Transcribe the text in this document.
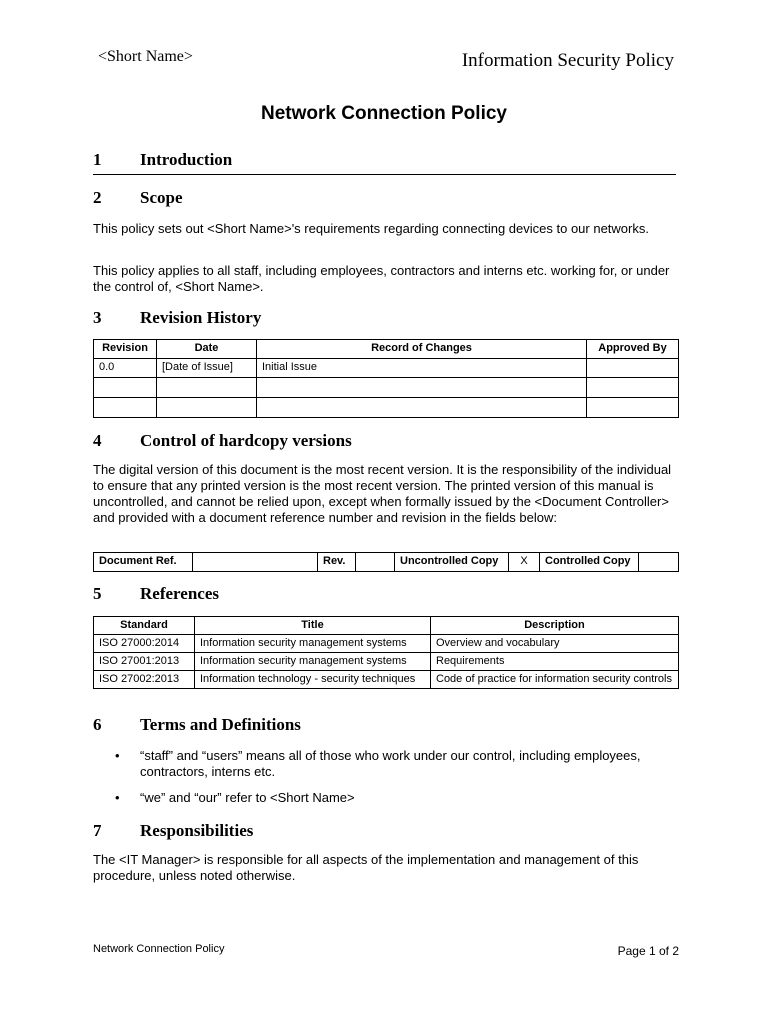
<Short Name>	Information Security Policy
Network Connection Policy
1 Introduction
2 Scope
This policy sets out <Short Name>'s requirements regarding connecting devices to our networks.
This policy applies to all staff, including employees, contractors and interns etc. working for, or under the control of, <Short Name>.
3 Revision History
Revision	Date	Record of Changes	Approved By
0.0	[Date of Issue]	Initial Issue	

4 Control of hardcopy versions
The digital version of this document is the most recent version. It is the responsibility of the individual to ensure that any printed version is the most recent version. The printed version of this manual is uncontrolled, and cannot be relied upon, except when formally issued by the <Document Controller> and provided with a document reference number and revision in the fields below:
Document Ref.		Rev.		Uncontrolled Copy	X	Controlled Copy	
5 References
Standard	Title	Description
ISO 27000:2014	Information security management systems	Overview and vocabulary
ISO 27001:2013	Information security management systems	Requirements
ISO 27002:2013	Information technology - security techniques	Code of practice for information security controls
6 Terms and Definitions
• “staff” and “users” means all of those who work under our control, including employees, contractors, interns etc.
• “we” and “our” refer to <Short Name>
7 Responsibilities
The <IT Manager> is responsible for all aspects of the implementation and management of this procedure, unless noted otherwise.
Network Connection Policy	Page 1 of 2
